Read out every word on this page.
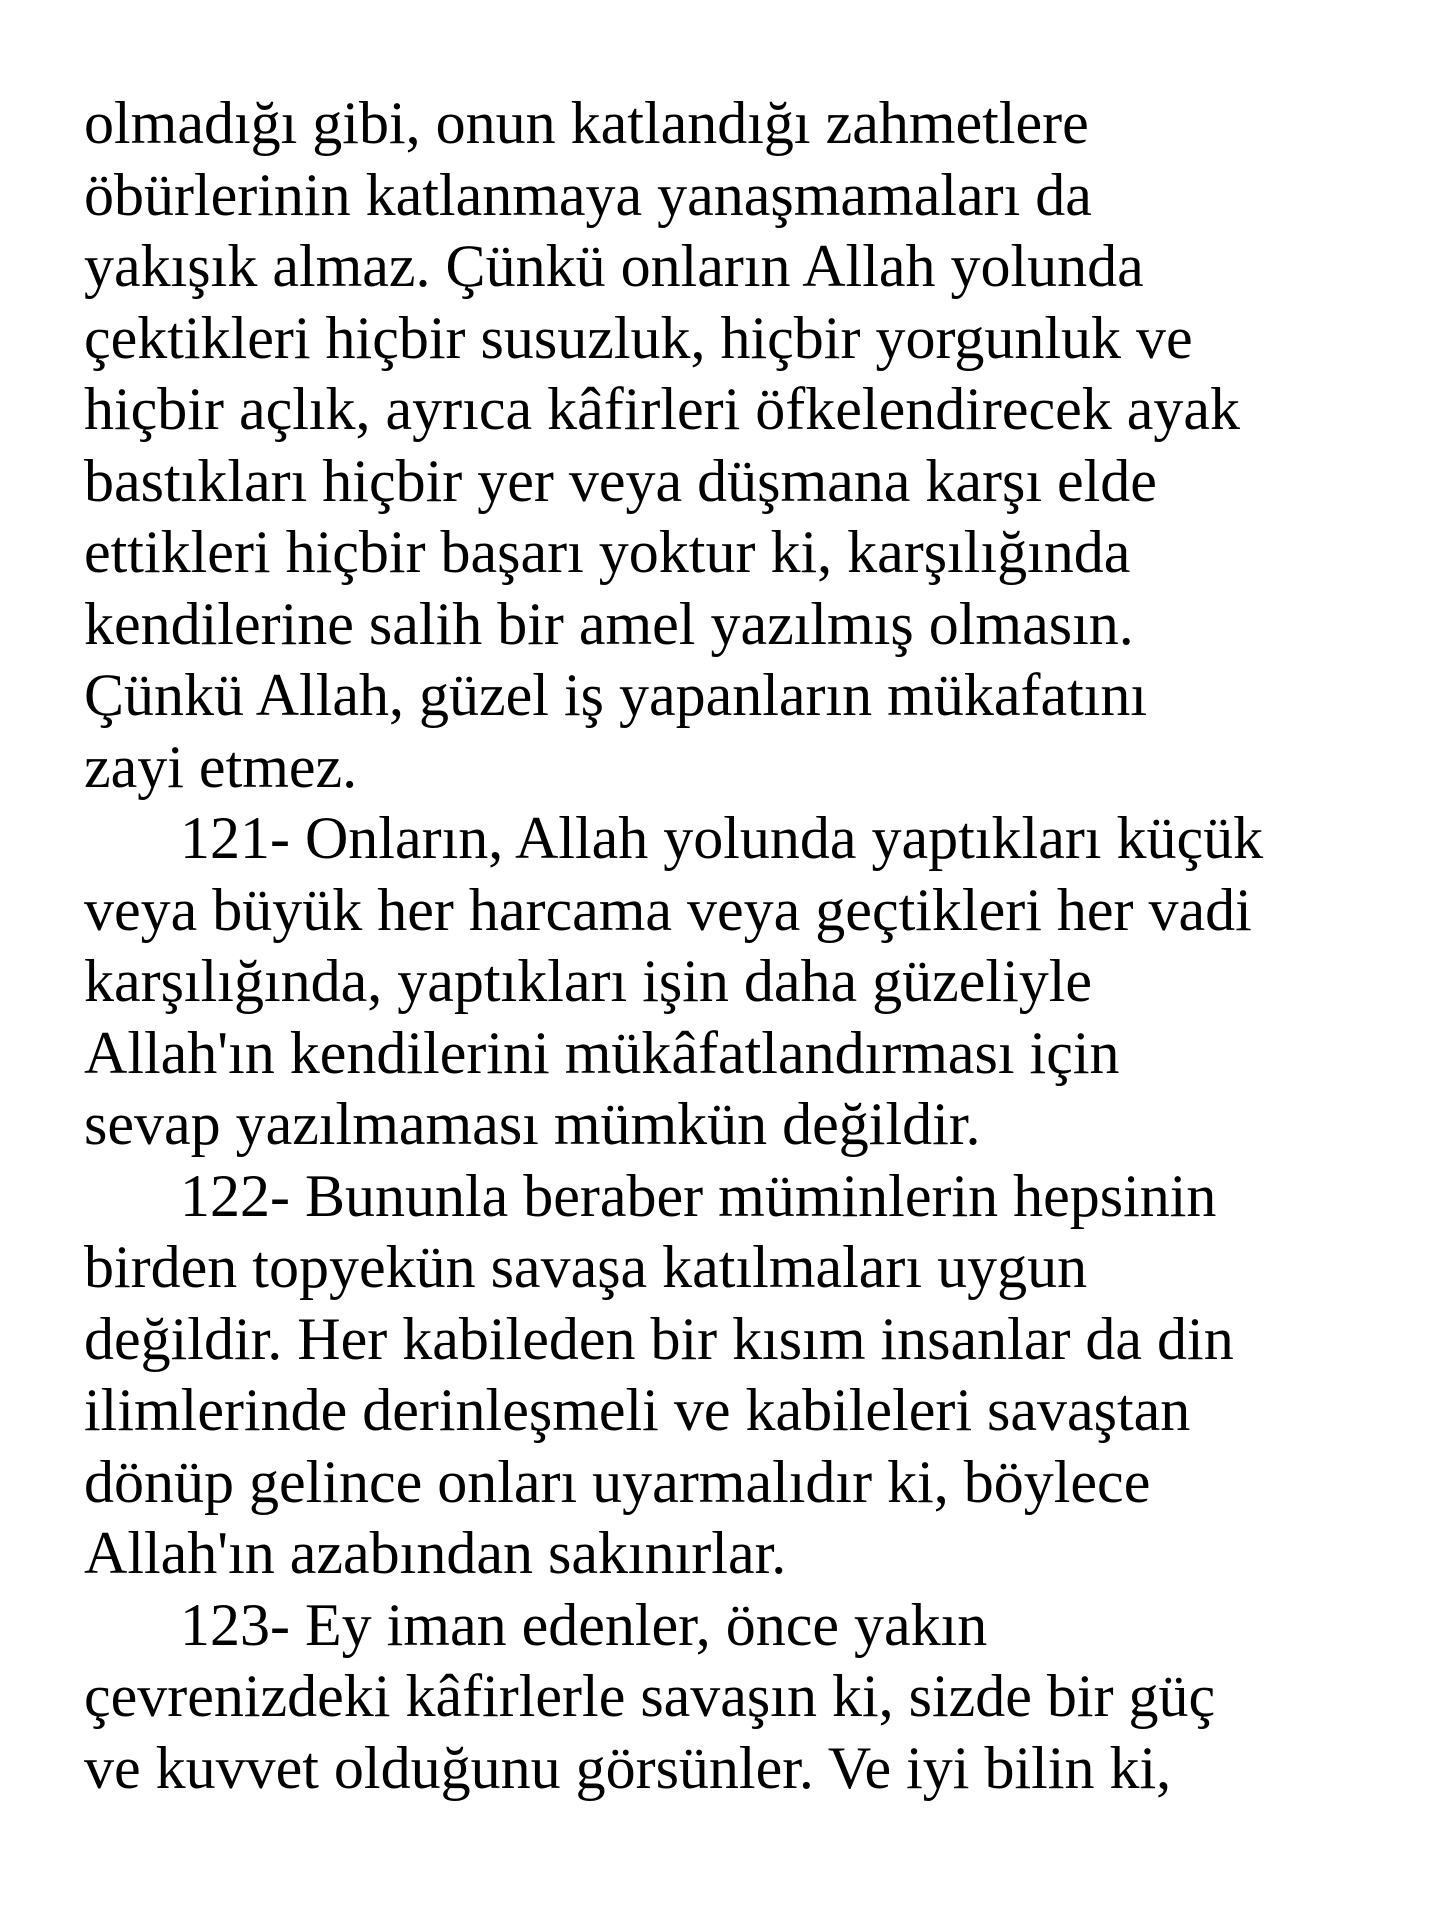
olmadığı gibi, onun katlandığı zahmetlere
öbürlerinin katlanmaya yanaşmamaları da
yakışık almaz. Çünkü onların Allah yolunda
çektikleri hiçbir susuzluk, hiçbir yorgunluk ve
hiçbir açlık, ayrıca kâfirleri öfkelendirecek ayak
bastıkları hiçbir yer veya düşmana karşı elde
ettikleri hiçbir başarı yoktur ki, karşılığında
kendilerine salih bir amel yazılmış olmasın.
Çünkü Allah, güzel iş yapanların mükafatını
zayi etmez.
121- Onların, Allah yolunda yaptıkları küçük
veya büyük her harcama veya geçtikleri her vadi
karşılığında, yaptıkları işin daha güzeliyle
Allah'ın kendilerini mükâfatlandırması için
sevap yazılmaması mümkün değildir.
122- Bununla beraber müminlerin hepsinin
birden topyekün savaşa katılmaları uygun
değildir. Her kabileden bir kısım insanlar da din
ilimlerinde derinleşmeli ve kabileleri savaştan
dönüp gelince onları uyarmalıdır ki, böylece
Allah'ın azabından sakınırlar.
123- Ey iman edenler, önce yakın
çevrenizdeki kâfirlerle savaşın ki, sizde bir güç
ve kuvvet olduğunu görsünler. Ve iyi bilin ki,
